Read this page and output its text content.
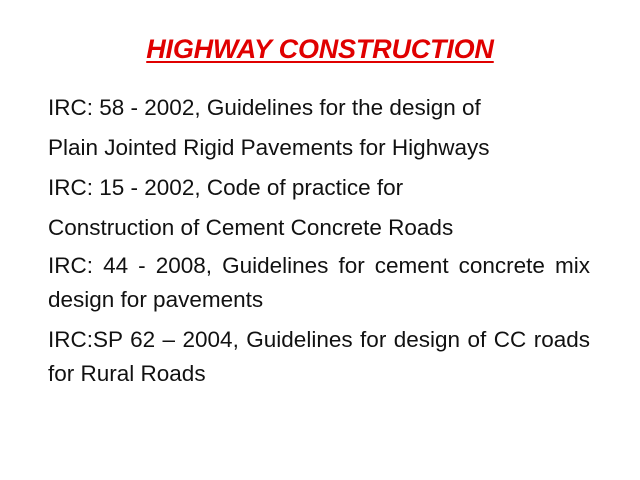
HIGHWAY CONSTRUCTION
IRC: 58 - 2002, Guidelines for the design of
Plain Jointed Rigid Pavements for Highways
IRC: 15 - 2002, Code of practice for
Construction of Cement Concrete Roads
IRC: 44 - 2008, Guidelines for cement concrete mix design for pavements
IRC:SP 62 – 2004, Guidelines for design of CC roads for Rural Roads
